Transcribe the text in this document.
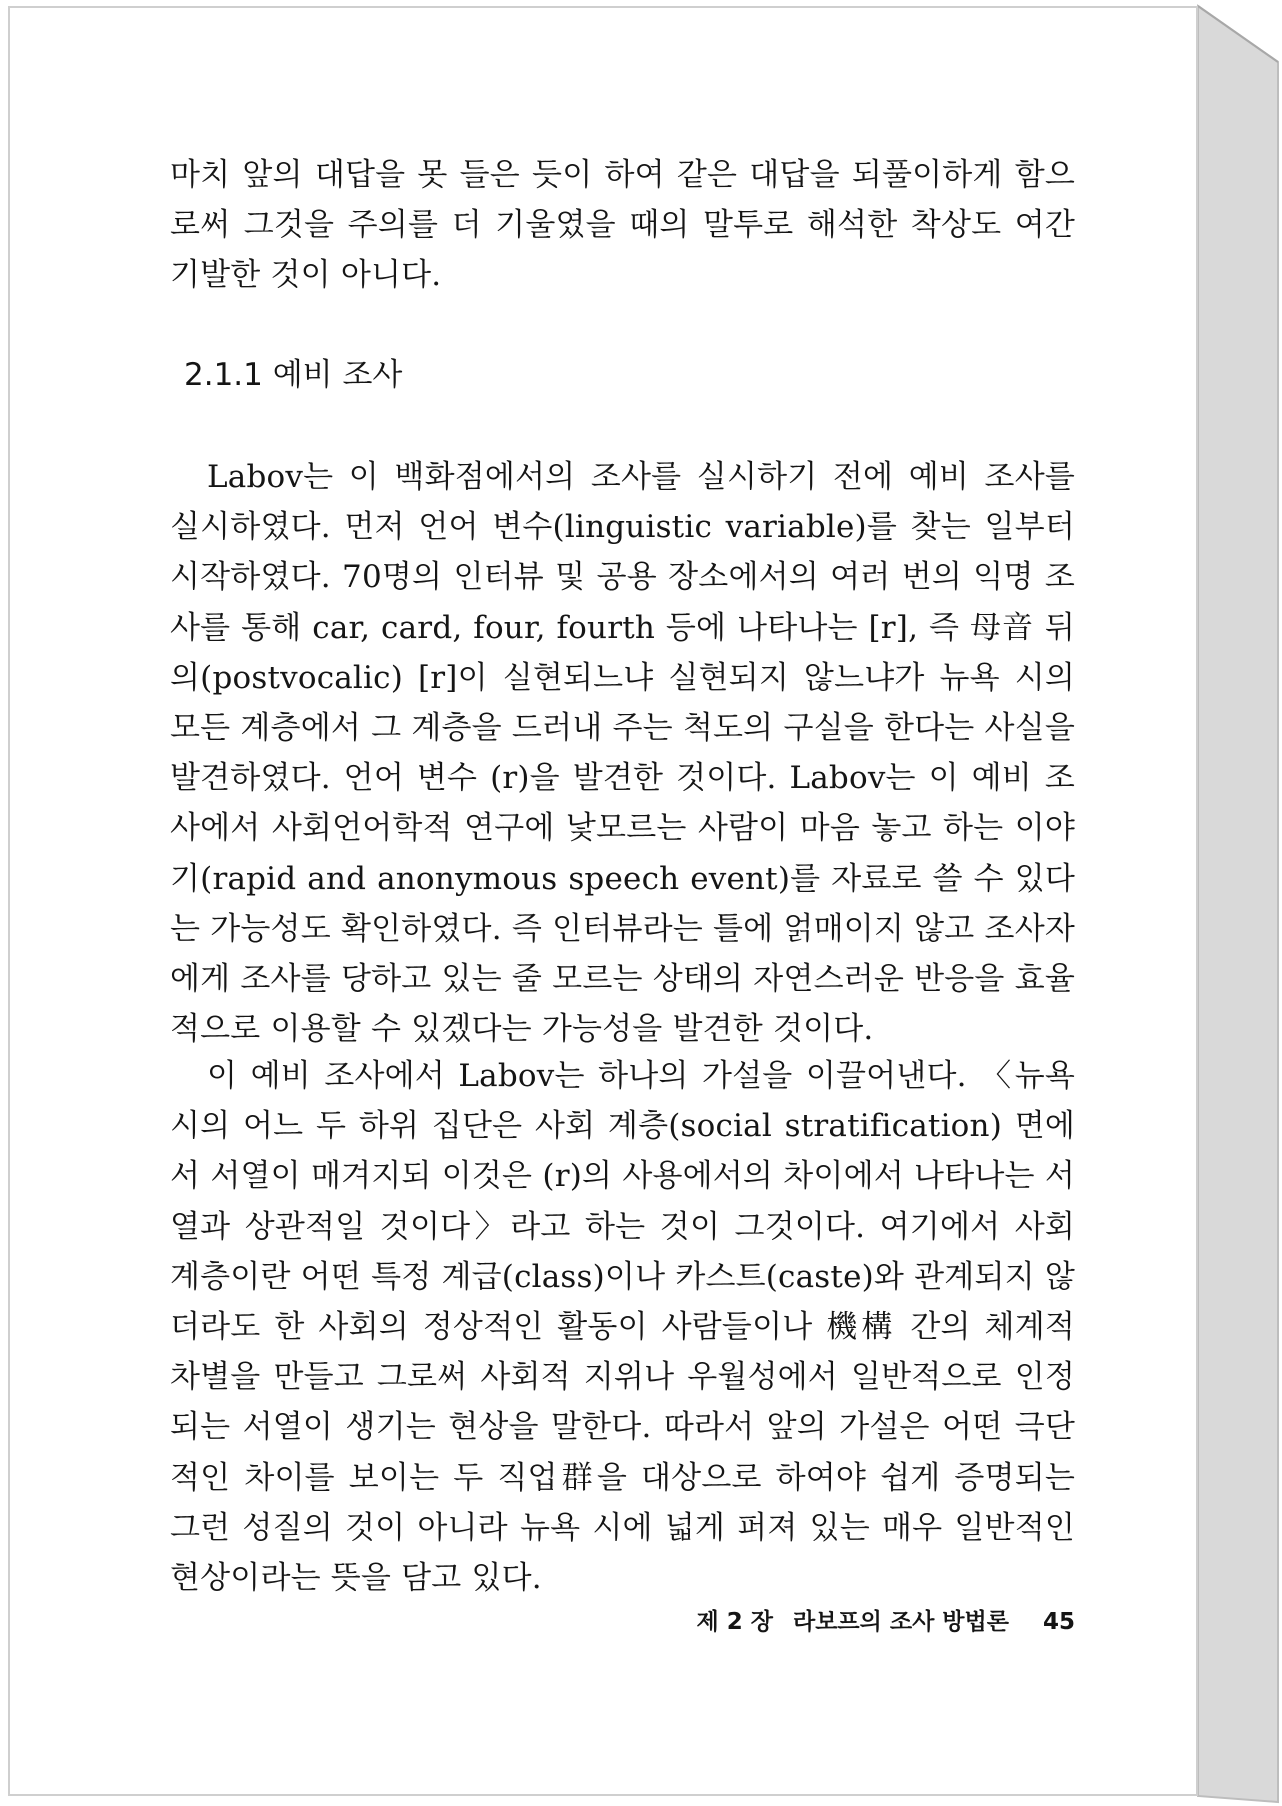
마치 앞의 대답을 못 들은 듯이 하여 같은 대답을 되풀이하게 함으로써 그것을 주의를 더 기울였을 때의 말투로 해석한 착상도 여간 기발한 것이 아니다.

2.1.1 예비 조사

Labov는 이 백화점에서의 조사를 실시하기 전에 예비 조사를 실시하였다. 먼저 언어 변수(linguistic variable)를 찾는 일부터 시작하였다. 70명의 인터뷰 및 공용 장소에서의 여러 번의 익명 조사를 통해 car, card, four, fourth 등에 나타나는 [r], 즉 母音 뒤의(postvocalic) [r]이 실현되느냐 실현되지 않느냐가 뉴욕 시의 모든 계층에서 그 계층을 드러내 주는 척도의 구실을 한다는 사실을 발견하였다. 언어 변수 (r)을 발견한 것이다. Labov는 이 예비 조사에서 사회언어학적 연구에 낯모르는 사람이 마음 놓고 하는 이야기(rapid and anonymous speech event)를 자료로 쓸 수 있다는 가능성도 확인하였다. 즉 인터뷰라는 틀에 얽매이지 않고 조사자에게 조사를 당하고 있는 줄 모르는 상태의 자연스러운 반응을 효율적으로 이용할 수 있겠다는 가능성을 발견한 것이다.

이 예비 조사에서 Labov는 하나의 가설을 이끌어낸다. 〈뉴욕 시의 어느 두 하위 집단은 사회 계층(social stratification) 면에서 서열이 매겨지되 이것은 (r)의 사용에서의 차이에서 나타나는 서열과 상관적일 것이다〉라고 하는 것이 그것이다. 여기에서 사회 계층이란 어떤 특정 계급(class)이나 카스트(caste)와 관계되지 않더라도 한 사회의 정상적인 활동이 사람들이나 機構 간의 체계적 차별을 만들고 그로써 사회적 지위나 우월성에서 일반적으로 인정되는 서열이 생기는 현상을 말한다. 따라서 앞의 가설은 어떤 극단적인 차이를 보이는 두 직업群을 대상으로 하여야 쉽게 증명되는 그런 성질의 것이 아니라 뉴욕 시에 넓게 퍼져 있는 매우 일반적인 현상이라는 뜻을 담고 있다.

제 2 장 라보프의 조사 방법론 45
